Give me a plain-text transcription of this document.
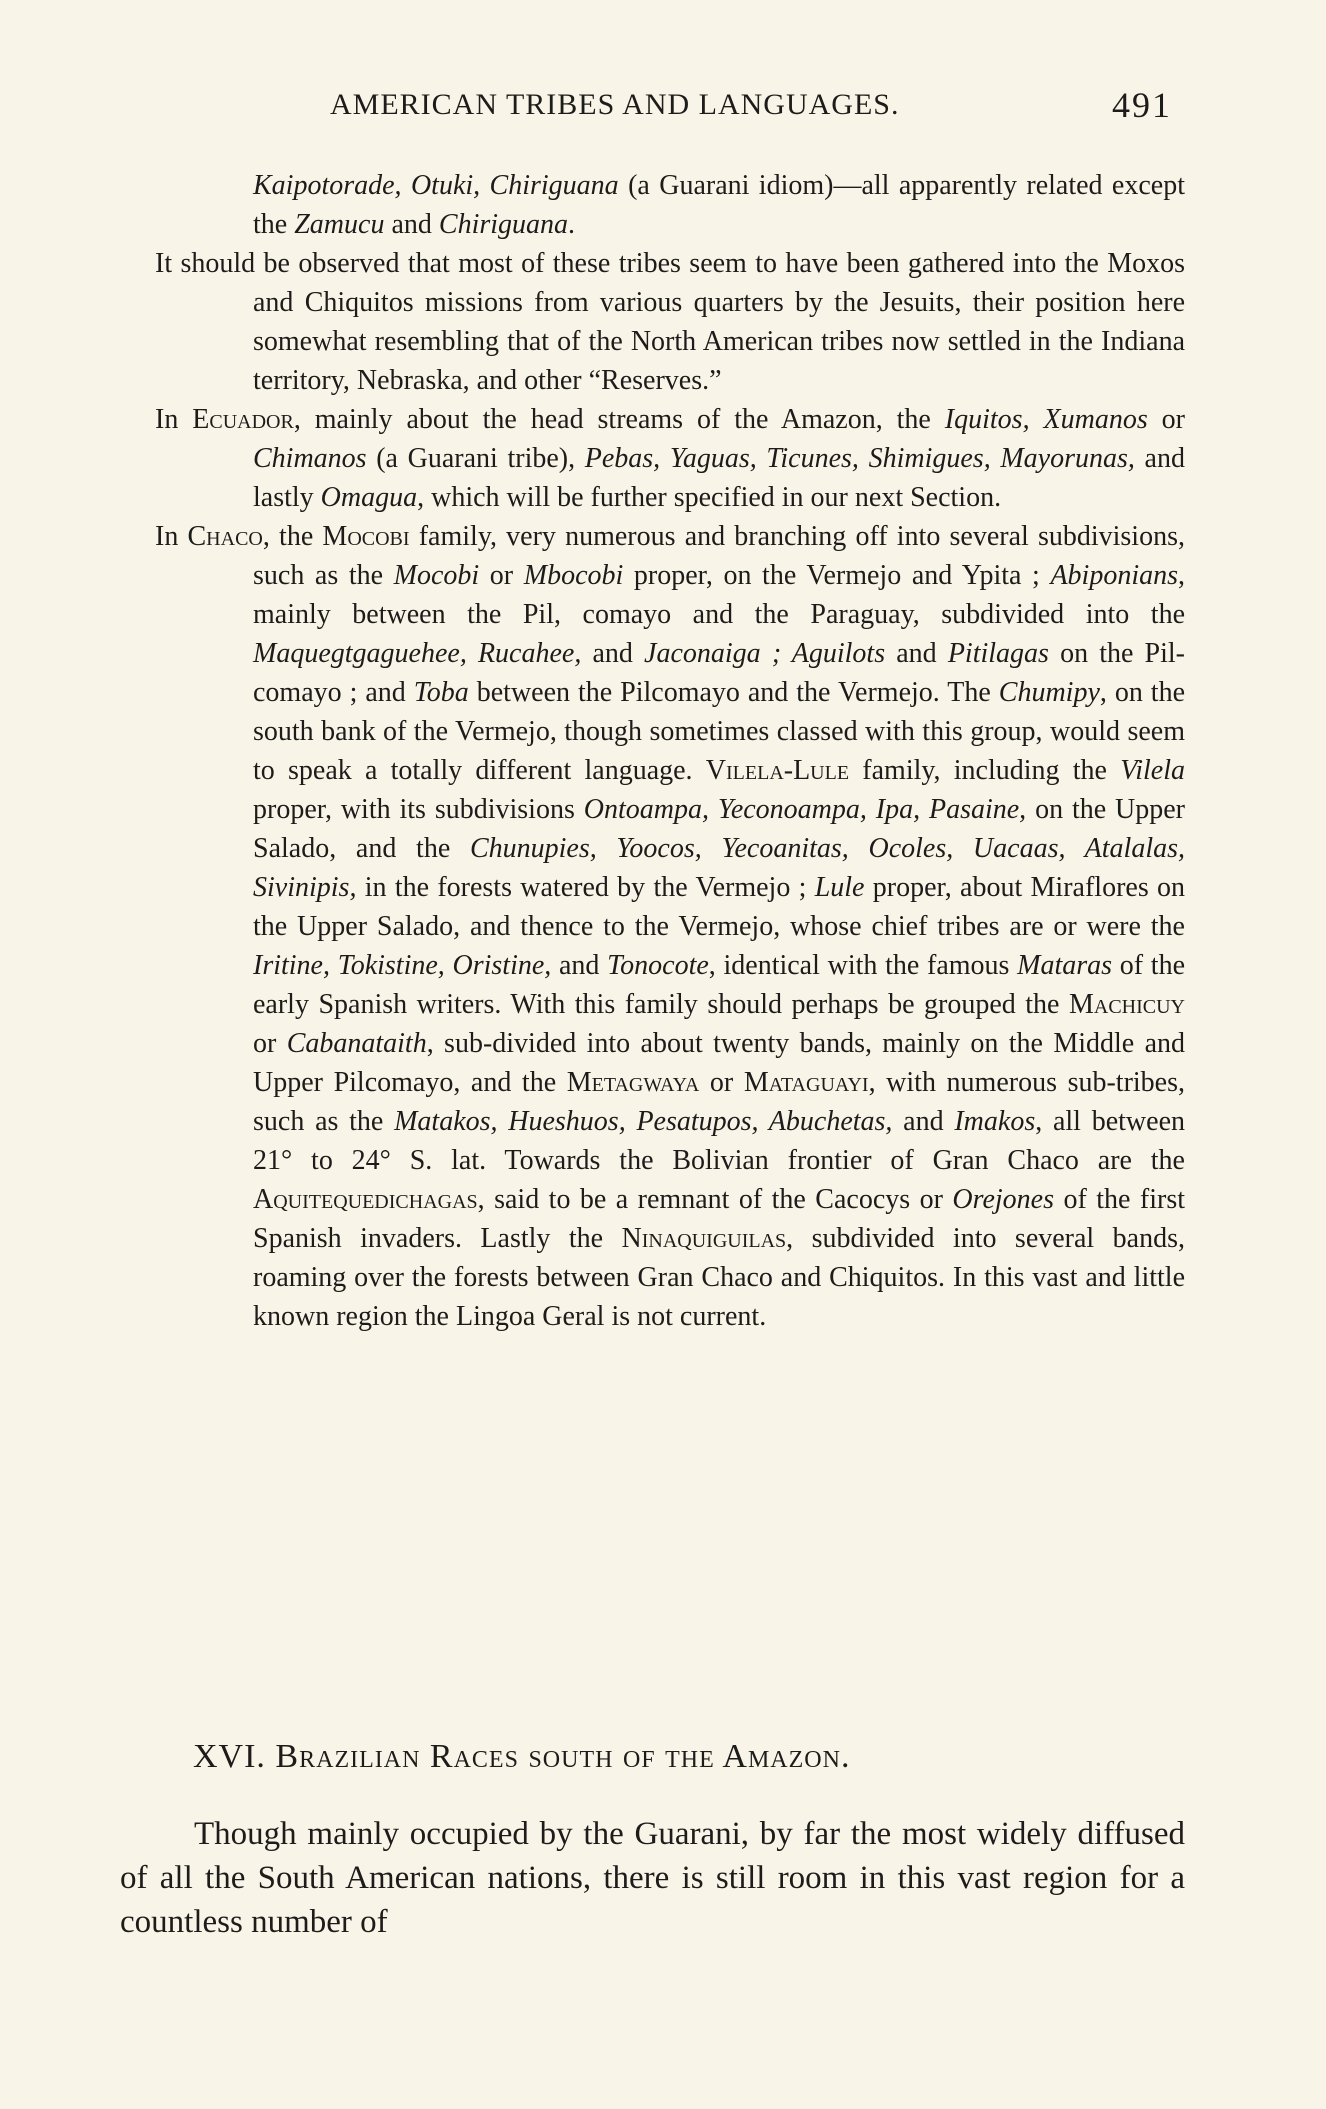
AMERICAN TRIBES AND LANGUAGES.	491

Kaipotorade, Otuki, Chiriguana (a Guarani idiom)—all apparently related except the Zamucu and Chiriguana.

It should be observed that most of these tribes seem to have been gathered into the Moxos and Chiquitos missions from various quarters by the Jesuits, their position here somewhat resembling that of the North American tribes now settled in the Indiana territory, Nebraska, and other “Reserves.”

In Ecuador, mainly about the head streams of the Amazon, the Iquitos, Xumanos or Chimanos (a Guarani tribe), Pebas, Yaguas, Ticunes, Shimigues, Mayorunas, and lastly Omagua, which will be further specified in our next Section.

In Chaco, the Mocobi family, very numerous and branching off into several subdivisions, such as the Mocobi or Mbocobi proper, on the Vermejo and Ypita ; Abiponians, mainly between the Pil, comayo and the Paraguay, subdivided into the Maquegtgaguehee, Rucahee, and Jaconaiga ; Aguilots and Pitilagas on the Pil-comayo ; and Toba between the Pilcomayo and the Vermejo. The Chumipy, on the south bank of the Vermejo, though sometimes classed with this group, would seem to speak a totally different language. Vilela-Lule family, including the Vilela proper, with its subdivisions Ontoampa, Yeconoampa, Ipa, Pasaine, on the Upper Salado, and the Chunupies, Yoocos, Yecoanitas, Ocoles, Uacaas, Atalalas, Sivinipis, in the forests watered by the Vermejo ; Lule proper, about Miraflores on the Upper Salado, and thence to the Vermejo, whose chief tribes are or were the Iritine, Tokistine, Oristine, and Tonocote, identical with the famous Mataras of the early Spanish writers. With this family should perhaps be grouped the Machicuy or Cabanataith, sub-divided into about twenty bands, mainly on the Middle and Upper Pilcomayo, and the Metagwaya or Mataguayi, with numerous sub-tribes, such as the Matakos, Hueshuos, Pesatupos, Abuchetas, and Imakos, all between 21° to 24° S. lat. Towards the Bolivian frontier of Gran Chaco are the Aquitequedichagas, said to be a remnant of the Cacocys or Orejones of the first Spanish invaders. Lastly the Ninaquiguilas, subdivided into several bands, roaming over the forests between Gran Chaco and Chiquitos. In this vast and little known region the Lingoa Geral is not current.

XVI. Brazilian Races south of the Amazon.

Though mainly occupied by the Guarani, by far the most widely diffused of all the South American nations, there is still room in this vast region for a countless number of
